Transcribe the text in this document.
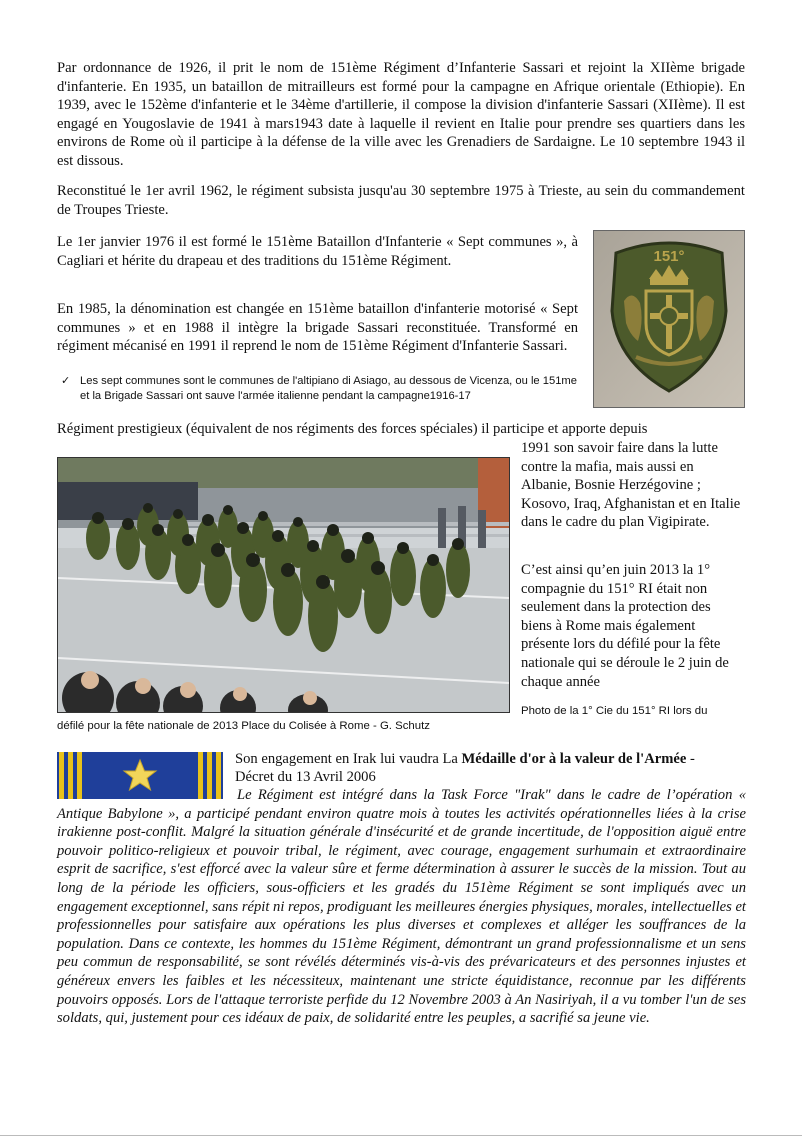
Par ordonnance de 1926, il prit le nom de 151ème Régiment d’Infanterie Sassari et rejoint la XIIème brigade d'infanterie. En 1935, un bataillon de mitrailleurs est formé pour la campagne en Afrique orientale (Ethiopie). En 1939, avec le 152ème d'infanterie et le 34ème d'artillerie, il compose la division d'infanterie Sassari (XIIème). Il est engagé en Yougoslavie de 1941 à mars1943 date à laquelle il revient en Italie pour prendre ses quartiers dans les environs de Rome où il participe à la défense de la ville avec les Grenadiers de Sardaigne. Le 10 septembre 1943 il est dissous.

Reconstitué le 1er avril 1962, le régiment subsista jusqu'au 30 septembre 1975 à Trieste, au sein du commandement de Troupes Trieste.

Le 1er janvier 1976 il est formé le 151ème Bataillon d'Infanterie « Sept communes », à Cagliari et hérite du drapeau et des traditions du 151ème Régiment.

En 1985, la dénomination est changée en 151ème bataillon d'infanterie motorisé « Sept communes » et en 1988 il intègre la brigade Sassari reconstituée. Transformé en régiment mécanisé en 1991 il reprend le nom de 151ème Régiment d'Infanterie Sassari.

✓ Les sept communes sont le communes de l'altipiano di Asiago, au dessous de Vicenza, ou le 151me et la Brigade Sassari ont sauve l'armée italienne pendant la campagne1916-17
151°

Régiment prestigieux (équivalent de nos régiments des forces spéciales) il participe et apporte depuis

1991 son savoir faire dans la lutte contre la mafia, mais aussi en Albanie, Bosnie Herzégovine ; Kosovo, Iraq, Afghanistan et en Italie dans le cadre du plan Vigipirate.

C’est ainsi qu’en juin 2013 la 1° compagnie du 151° RI était non seulement dans la protection des biens à Rome mais également présente lors du défilé pour la fête nationale qui se déroule le 2 juin de chaque année

Photo de la 1° Cie du 151° RI lors du

défilé pour la fête nationale de 2013 Place du Colisée à Rome - G. Schutz

Son engagement en Irak lui vaudra La Médaille d'or à la valeur de l'Armée -

Décret du 13 Avril 2006

Le Régiment est intégré dans la Task Force "Irak" dans le cadre de l’opération « Antique Babylone », a participé pendant environ quatre mois à toutes les activités opérationnelles liées à la crise irakienne post-conflit. Malgré la situation générale d'insécurité et de grande incertitude, de l'opposition aiguë entre pouvoir politico-religieux et pouvoir tribal, le régiment, avec courage, engagement surhumain et extraordinaire esprit de sacrifice, s'est efforcé avec la valeur sûre et ferme détermination à assurer le succès de la mission. Tout au long de la période les officiers, sous-officiers et les gradés du 151ème Régiment se sont impliqués avec un engagement exceptionnel, sans répit ni repos, prodiguant les meilleures énergies physiques, morales, intellectuelles et professionnelles pour satisfaire aux opérations les plus diverses et complexes et alléger les souffrances de la population. Dans ce contexte, les hommes du 151ème Régiment, démontrant un grand professionnalisme et un sens peu commun de responsabilité, se sont révélés déterminés vis-à-vis des prévaricateurs et des personnes injustes et généreux envers les faibles et les nécessiteux, maintenant une stricte équidistance, reconnue par les différents pouvoirs opposés. Lors de l'attaque terroriste perfide du 12 Novembre 2003 à An Nasiriyah, il a vu tomber l'un de ses soldats, qui, justement pour ces idéaux de paix, de solidarité entre les peuples, a sacrifié sa jeune vie.
